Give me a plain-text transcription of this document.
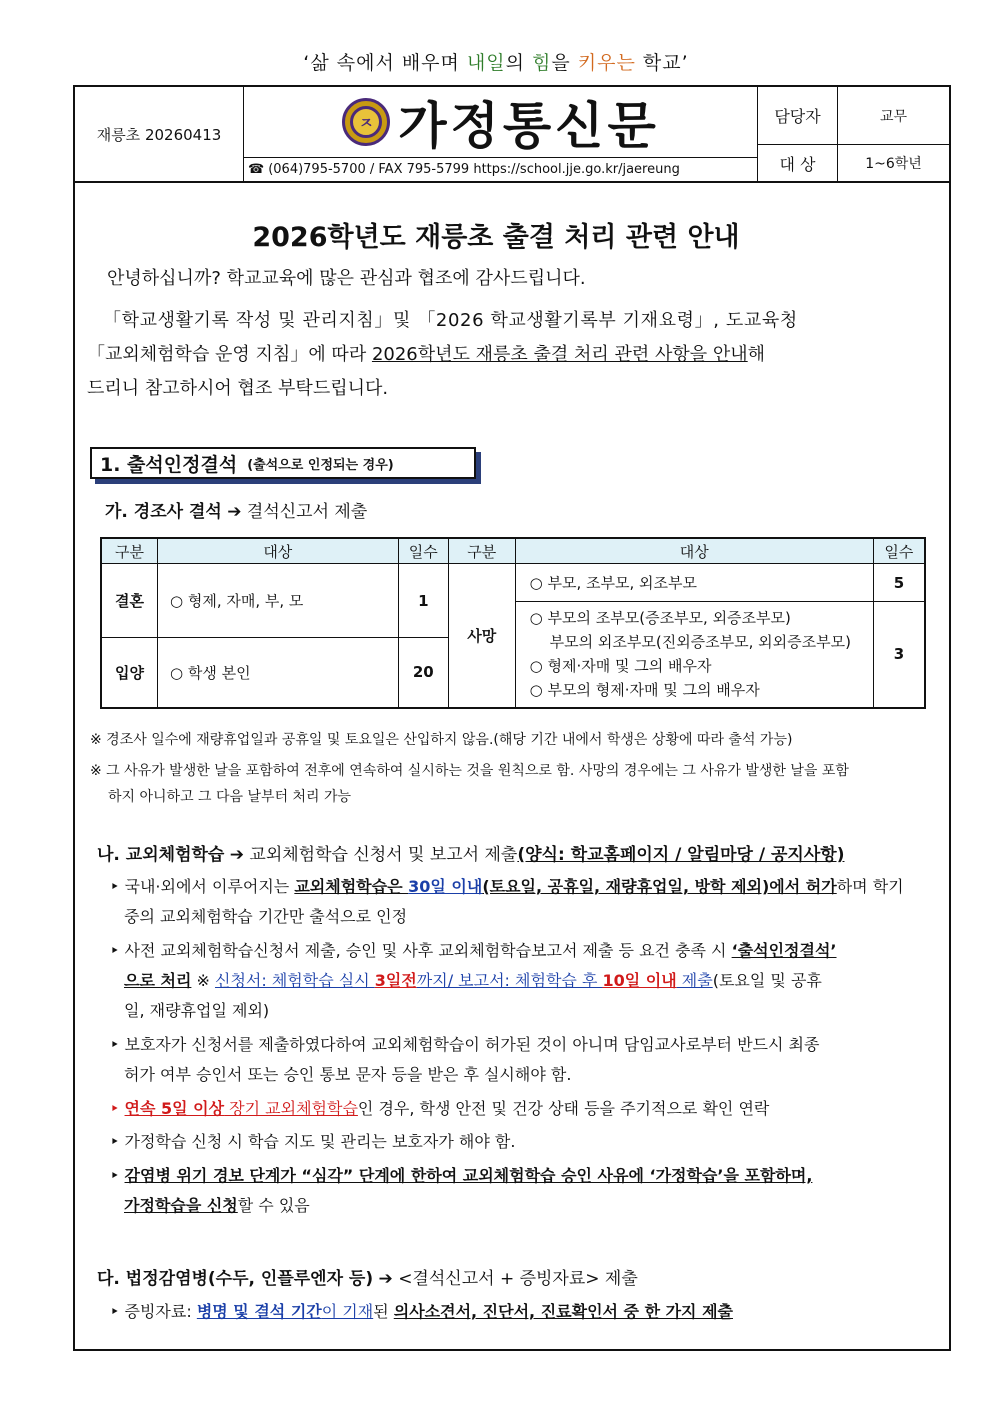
‘삶 속에서 배우며 내일의 힘을 키우는 학교’
재릉초 20260413
ㅈ 가정통신문
☎ (064)795-5700 / FAX 795-5799 https://school.jje.go.kr/jaereung
담당자	교무
대 상	1~6학년
2026학년도 재릉초 출결 처리 관련 안내
안녕하십니까? 학교교육에 많은 관심과 협조에 감사드립니다.
「학교생활기록 작성 및 관리지침」및 「2026 학교생활기록부 기재요령」, 도교육청
「교외체험학습 운영 지침」에 따라 2026학년도 재릉초 출결 처리 관련 사항을 안내해
드리니 참고하시어 협조 부탁드립니다.
1. 출석인정결석 (출석으로 인정되는 경우)
가. 경조사 결석 ➔ 결석신고서 제출
구분	대상	일수	구분	대상	일수
결혼	○ 형제, 자매, 부, 모	1	사망	○ 부모, 조부모, 외조부모	5

				○ 부모의 조부모(증조부모, 외증조부모)
부모의 외조부모(진외증조부모, 외외증조부모)
○ 형제·자매 및 그의 배우자
○ 부모의 형제·자매 및 그의 배우자	3
입양	○ 학생 본인	20			
※ 경조사 일수에 재량휴업일과 공휴일 및 토요일은 산입하지 않음.(해당 기간 내에서 학생은 상황에 따라 출석 가능)
※ 그 사유가 발생한 날을 포함하여 전후에 연속하여 실시하는 것을 원칙으로 함. 사망의 경우에는 그 사유가 발생한 날을 포함
하지 아니하고 그 다음 날부터 처리 가능
나. 교외체험학습 ➔ 교외체험학습 신청서 및 보고서 제출(양식: 학교홈페이지 / 알림마당 / 공지사항)
‣ 국내·외에서 이루어지는 교외체험학습은 30일 이내(토요일, 공휴일, 재량휴업일, 방학 제외)에서 허가하며 학기
중의 교외체험학습 기간만 출석으로 인정
‣ 사전 교외체험학습신청서 제출, 승인 및 사후 교외체험학습보고서 제출 등 요건 충족 시 ‘출석인정결석’
으로 처리 ※ 신청서: 체험학습 실시 3일전까지/ 보고서: 체험학습 후 10일 이내 제출(토요일 및 공휴
일, 재량휴업일 제외)
‣ 보호자가 신청서를 제출하였다하여 교외체험학습이 허가된 것이 아니며 담임교사로부터 반드시 최종
허가 여부 승인서 또는 승인 통보 문자 등을 받은 후 실시해야 함.
‣ 연속 5일 이상 장기 교외체험학습인 경우, 학생 안전 및 건강 상태 등을 주기적으로 확인 연락
‣ 가정학습 신청 시 학습 지도 및 관리는 보호자가 해야 함.
‣ 감염병 위기 경보 단계가 “심각” 단계에 한하여 교외체험학습 승인 사유에 ‘가정학습’을 포함하며,
가정학습을 신청할 수 있음
다. 법정감염병(수두, 인플루엔자 등) ➔ <결석신고서 + 증빙자료> 제출
‣ 증빙자료: 병명 및 결석 기간이 기재된 의사소견서, 진단서, 진료확인서 중 한 가지 제출
